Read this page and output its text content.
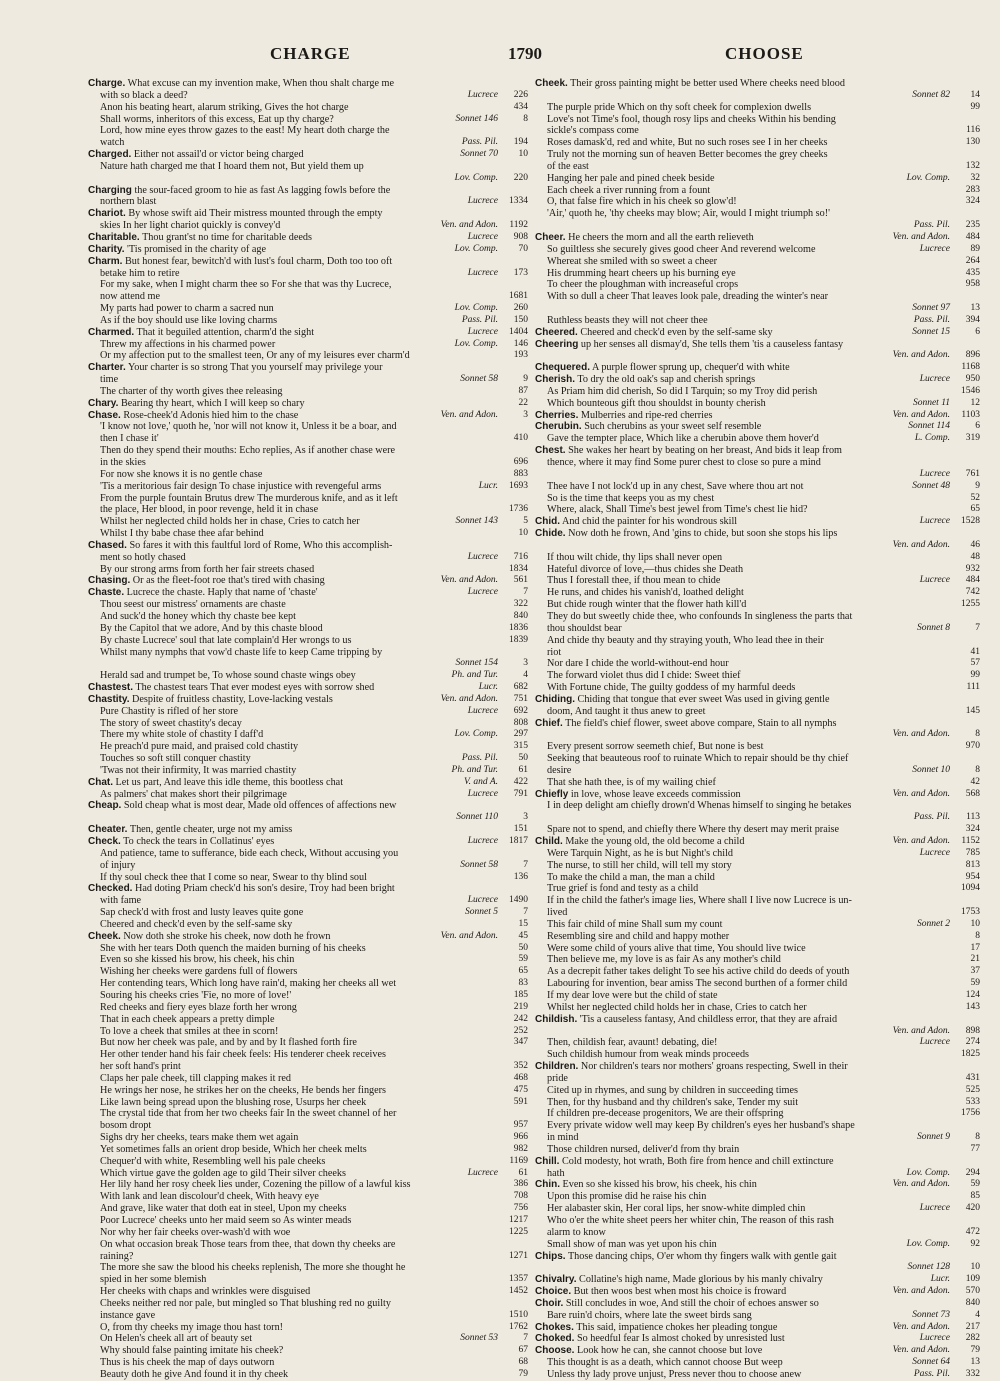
CHARGE	1790	CHOOSE
Charge. What excuse can my invention make, When thou shalt charge me
with so black a deed?	Lucrece	226
Anon his beating heart, alarum striking, Gives the hot charge	434
Shall worms, inheritors of this excess, Eat up thy charge?	Sonnet 146	8
Lord, how mine eyes throw gazes to the east! My heart doth charge the
watch	Pass. Pil.	194
Charged. Either not assail'd or victor being charged	Sonnet 70	10
Nature hath charged me that I hoard them not, But yield them up
Lov. Comp.	220
Charging the sour-faced groom to hie as fast As lagging fowls before the
northern blast	Lucrece	1334
Chariot. By whose swift aid Their mistress mounted through the empty
skies In her light chariot quickly is convey'd	Ven. and Adon.	1192
Charitable. Thou grant'st no time for charitable deeds	Lucrece	908
Charity. 'Tis promised in the charity of age	Lov. Comp.	70
Charm. But honest fear, bewitch'd with lust's foul charm, Doth too too oft
betake him to retire	Lucrece	173
For my sake, when I might charm thee so For she that was thy Lucrece,
now attend me	1681
My parts had power to charm a sacred nun	Lov. Comp.	260
As if the boy should use like loving charms	Pass. Pil.	150
Charmed. That it beguiled attention, charm'd the sight	Lucrece	1404
Threw my affections in his charmed power	Lov. Comp.	146
Or my affection put to the smallest teen, Or any of my leisures ever charm'd	193
Charter. Your charter is so strong That you yourself may privilege your
time	Sonnet 58	9
The charter of thy worth gives thee releasing	87
Chary. Bearing thy heart, which I will keep so chary	22
Chase. Rose-cheek'd Adonis hied him to the chase	Ven. and Adon.	3
'I know not love,' quoth he, 'nor will not know it, Unless it be a boar, and
then I chase it'	410
Then do they spend their mouths: Echo replies, As if another chase were
in the skies	696
For now she knows it is no gentle chase	883
'Tis a meritorious fair design To chase injustice with revengeful arms	Lucr.	1693
From the purple fountain Brutus drew The murderous knife, and as it left
the place, Her blood, in poor revenge, held it in chase	1736
Whilst her neglected child holds her in chase, Cries to catch her	Sonnet 143	5
Whilst I thy babe chase thee afar behind	10
Chased. So fares it with this faultful lord of Rome, Who this accomplish-
ment so hotly chased	Lucrece	716
By our strong arms from forth her fair streets chased	1834
Chasing. Or as the fleet-foot roe that's tired with chasing	Ven. and Adon.	561
Chaste. Lucrece the chaste. Haply that name of 'chaste'	Lucrece	7
Thou seest our mistress' ornaments are chaste	322
And suck'd the honey which thy chaste bee kept	840
By the Capitol that we adore, And by this chaste blood	1836
By chaste Lucrece' soul that late complain'd Her wrongs to us	1839
Whilst many nymphs that vow'd chaste life to keep Came tripping by
Sonnet 154	3
Herald sad and trumpet be, To whose sound chaste wings obey	Ph. and Tur.	4
Chastest. The chastest tears That ever modest eyes with sorrow shed	Lucr.	682
Chastity. Despite of fruitless chastity, Love-lacking vestals	Ven. and Adon.	751
Pure Chastity is rifled of her store	Lucrece	692
The story of sweet chastity's decay	808
There my white stole of chastity I daff'd	Lov. Comp.	297
He preach'd pure maid, and praised cold chastity	315
Touches so soft still conquer chastity	Pass. Pil.	50
'Twas not their infirmity, It was married chastity	Ph. and Tur.	61
Chat. Let us part, And leave this idle theme, this bootless chat	V. and A.	422
As palmers' chat makes short their pilgrimage	Lucrece	791
Cheap. Sold cheap what is most dear, Made old offences of affections new
Sonnet 110	3
Cheater. Then, gentle cheater, urge not my amiss	151
Check. To check the tears in Collatinus' eyes	Lucrece	1817
And patience, tame to sufferance, bide each check, Without accusing you
of injury	Sonnet 58	7
If thy soul check thee that I come so near, Swear to thy blind soul	136
Checked. Had doting Priam check'd his son's desire, Troy had been bright
with fame	Lucrece	1490
Sap check'd with frost and lusty leaves quite gone	Sonnet 5	7
Cheered and check'd even by the self-same sky	15
Cheek. Now doth she stroke his cheek, now doth he frown	Ven. and Adon.	45
She with her tears Doth quench the maiden burning of his cheeks	50
Even so she kissed his brow, his cheek, his chin	59
Wishing her cheeks were gardens full of flowers	65
Her contending tears, Which long have rain'd, making her cheeks all wet	83
Souring his cheeks cries 'Fie, no more of love!'	185
Red cheeks and fiery eyes blaze forth her wrong	219
That in each cheek appears a pretty dimple	242
To love a cheek that smiles at thee in scorn!	252
But now her cheek was pale, and by and by It flashed forth fire	347
Her other tender hand his fair cheek feels: His tenderer cheek receives
her soft hand's print	352
Claps her pale cheek, till clapping makes it red	468
He wrings her nose, he strikes her on the cheeks, He bends her fingers	475
Like lawn being spread upon the blushing rose, Usurps her cheek	591
The crystal tide that from her two cheeks fair In the sweet channel of her
bosom dropt	957
Sighs dry her cheeks, tears make them wet again	966
Yet sometimes falls an orient drop beside, Which her cheek melts	982
Chequer'd with white, Resembling well his pale cheeks	1169
Which virtue gave the golden age to gild Their silver cheeks	Lucrece	61
Her lily hand her rosy cheek lies under, Cozening the pillow of a lawful kiss	386
With lank and lean discolour'd cheek, With heavy eye	708
And grave, like water that doth eat in steel, Upon my cheeks	756
Poor Lucrece' cheeks unto her maid seem so As winter meads	1217
Nor why her fair cheeks over-wash'd with woe	1225
On what occasion break Those tears from thee, that down thy cheeks are
raining?	1271
The more she saw the blood his cheeks replenish, The more she thought he
spied in her some blemish	1357
Her cheeks with chaps and wrinkles were disguised	1452
Cheeks neither red nor pale, but mingled so That blushing red no guilty
instance gave	1510
O, from thy cheeks my image thou hast torn!	1762
On Helen's cheek all art of beauty set	Sonnet 53	7
Why should false painting imitate his cheek?	67
Thus is his cheek the map of days outworn	68
Beauty doth he give And found it in thy cheek	79
Cheek. Their gross painting might be better used Where cheeks need blood
Sonnet 82	14
The purple pride Which on thy soft cheek for complexion dwells	99
Love's not Time's fool, though rosy lips and cheeks Within his bending
sickle's compass come	116
Roses damask'd, red and white, But no such roses see I in her cheeks	130
Truly not the morning sun of heaven Better becomes the grey cheeks
of the east	132
Hanging her pale and pined cheek beside	Lov. Comp.	32
Each cheek a river running from a fount	283
O, that false fire which in his cheek so glow'd!	324
'Air,' quoth he, 'thy cheeks may blow; Air, would I might triumph so!'
Pass. Pil.	235
Cheer. He cheers the morn and all the earth relieveth	Ven. and Adon.	484
So guiltless she securely gives good cheer And reverend welcome	Lucrece	89
Whereat she smiled with so sweet a cheer	264
His drumming heart cheers up his burning eye	435
To cheer the ploughman with increaseful crops	958
With so dull a cheer That leaves look pale, dreading the winter's near
Sonnet 97	13
Ruthless beasts they will not cheer thee	Pass. Pil.	394
Cheered. Cheered and check'd even by the self-same sky	Sonnet 15	6
Cheering up her senses all dismay'd, She tells them 'tis a causeless fantasy
Ven. and Adon.	896
Chequered. A purple flower sprung up, chequer'd with white	1168
Cherish. To dry the old oak's sap and cherish springs	Lucrece	950
As Priam him did cherish, So did I Tarquin; so my Troy did perish	1546
Which bounteous gift thou shouldst in bounty cherish	Sonnet 11	12
Cherries. Mulberries and ripe-red cherries	Ven. and Adon.	1103
Cherubin. Such cherubins as your sweet self resemble	Sonnet 114	6
Gave the tempter place, Which like a cherubin above them hover'd	L. Comp.	319
Chest. She wakes her heart by beating on her breast, And bids it leap from
thence, where it may find Some purer chest to close so pure a mind
Lucrece	761
Thee have I not lock'd up in any chest, Save where thou art not	Sonnet 48	9
So is the time that keeps you as my chest	52
Where, alack, Shall Time's best jewel from Time's chest lie hid?	65
Chid. And chid the painter for his wondrous skill	Lucrece	1528
Chide. Now doth he frown, And 'gins to chide, but soon she stops his lips
Ven. and Adon.	46
If thou wilt chide, thy lips shall never open	48
Hateful divorce of love,—thus chides she Death	932
Thus I forestall thee, if thou mean to chide	Lucrece	484
He runs, and chides his vanish'd, loathed delight	742
But chide rough winter that the flower hath kill'd	1255
They do but sweetly chide thee, who confounds In singleness the parts that
thou shouldst bear	Sonnet 8	7
And chide thy beauty and thy straying youth, Who lead thee in their
riot	41
Nor dare I chide the world-without-end hour	57
The forward violet thus did I chide: Sweet thief	99
With Fortune chide, The guilty goddess of my harmful deeds	111
Chiding. Chiding that tongue that ever sweet Was used in giving gentle
doom, And taught it thus anew to greet	145
Chief. The field's chief flower, sweet above compare, Stain to all nymphs
Ven. and Adon.	8
Every present sorrow seemeth chief, But none is best	970
Seeking that beauteous roof to ruinate Which to repair should be thy chief
desire	Sonnet 10	8
That she hath thee, is of my wailing chief	42
Chiefly in love, whose leave exceeds commission	Ven. and Adon.	568
I in deep delight am chiefly drown'd Whenas himself to singing he betakes
Pass. Pil.	113
Spare not to spend, and chiefly there Where thy desert may merit praise	324
Child. Make the young old, the old become a child	Ven. and Adon.	1152
Were Tarquin Night, as he is but Night's child	Lucrece	785
The nurse, to still her child, will tell my story	813
To make the child a man, the man a child	954
True grief is fond and testy as a child	1094
If in the child the father's image lies, Where shall I live now Lucrece is un-
lived	1753
This fair child of mine Shall sum my count	Sonnet 2	10
Resembling sire and child and happy mother	8
Were some child of yours alive that time, You should live twice	17
Then believe me, my love is as fair As any mother's child	21
As a decrepit father takes delight To see his active child do deeds of youth	37
Labouring for invention, bear amiss The second burthen of a former child	59
If my dear love were but the child of state	124
Whilst her neglected child holds her in chase, Cries to catch her	143
Childish. 'Tis a causeless fantasy, And childless error, that they are afraid
Ven. and Adon.	898
Then, childish fear, avaunt! debating, die!	Lucrece	274
Such childish humour from weak minds proceeds	1825
Children. Nor children's tears nor mothers' groans respecting, Swell in their
pride	431
Cited up in rhymes, and sung by children in succeeding times	525
Then, for thy husband and thy children's sake, Tender my suit	533
If children pre-decease progenitors, We are their offspring	1756
Every private widow well may keep By children's eyes her husband's shape
in mind	Sonnet 9	8
Those children nursed, deliver'd from thy brain	77
Chill. Cold modesty, hot wrath, Both fire from hence and chill extincture
hath	Lov. Comp.	294
Chin. Even so she kissed his brow, his cheek, his chin	Ven. and Adon.	59
Upon this promise did he raise his chin	85
Her alabaster skin, Her coral lips, her snow-white dimpled chin	Lucrece	420
Who o'er the white sheet peers her whiter chin, The reason of this rash
alarm to know	472
Small show of man was yet upon his chin	Lov. Comp.	92
Chips. Those dancing chips, O'er whom thy fingers walk with gentle gait
Sonnet 128	10
Chivalry. Collatine's high name, Made glorious by his manly chivalry	Lucr.	109
Choice. But then woos best when most his choice is froward	Ven. and Adon.	570
Choir. Still concludes in woe, And still the choir of echoes answer so	840
Bare ruin'd choirs, where late the sweet birds sang	Sonnet 73	4
Chokes. This said, impatience chokes her pleading tongue	Ven. and Adon.	217
Choked. So heedful fear Is almost choked by unresisted lust	Lucrece	282
Choose. Look how he can, she cannot choose but love	Ven. and Adon.	79
This thought is as a death, which cannot choose But weep	Sonnet 64	13
Unless thy lady prove unjust, Press never thou to choose anew	Pass. Pil.	332
